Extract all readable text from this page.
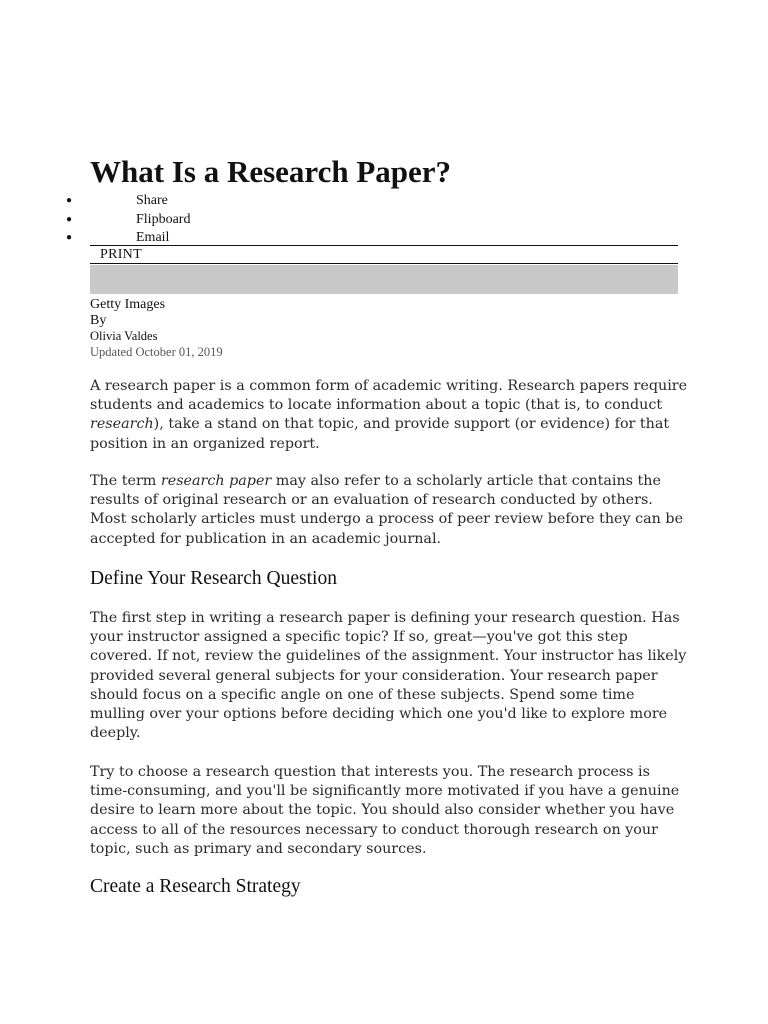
What Is a Research Paper?
●	Share
●	Flipboard
●	Email
PRINT
Getty Images
By
Olivia Valdes
Updated October 01, 2019

A research paper is a common form of academic writing. Research papers require students and academics to locate information about a topic (that is, to conduct research), take a stand on that topic, and provide support (or evidence) for that position in an organized report.

The term research paper may also refer to a scholarly article that contains the results of original research or an evaluation of research conducted by others. Most scholarly articles must undergo a process of peer review before they can be accepted for publication in an academic journal.

Define Your Research Question

The first step in writing a research paper is defining your research question. Has your instructor assigned a specific topic? If so, great—you've got this step covered. If not, review the guidelines of the assignment. Your instructor has likely provided several general subjects for your consideration. Your research paper should focus on a specific angle on one of these subjects. Spend some time mulling over your options before deciding which one you'd like to explore more deeply.

Try to choose a research question that interests you. The research process is time-consuming, and you'll be significantly more motivated if you have a genuine desire to learn more about the topic. You should also consider whether you have access to all of the resources necessary to conduct thorough research on your topic, such as primary and secondary sources.

Create a Research Strategy
